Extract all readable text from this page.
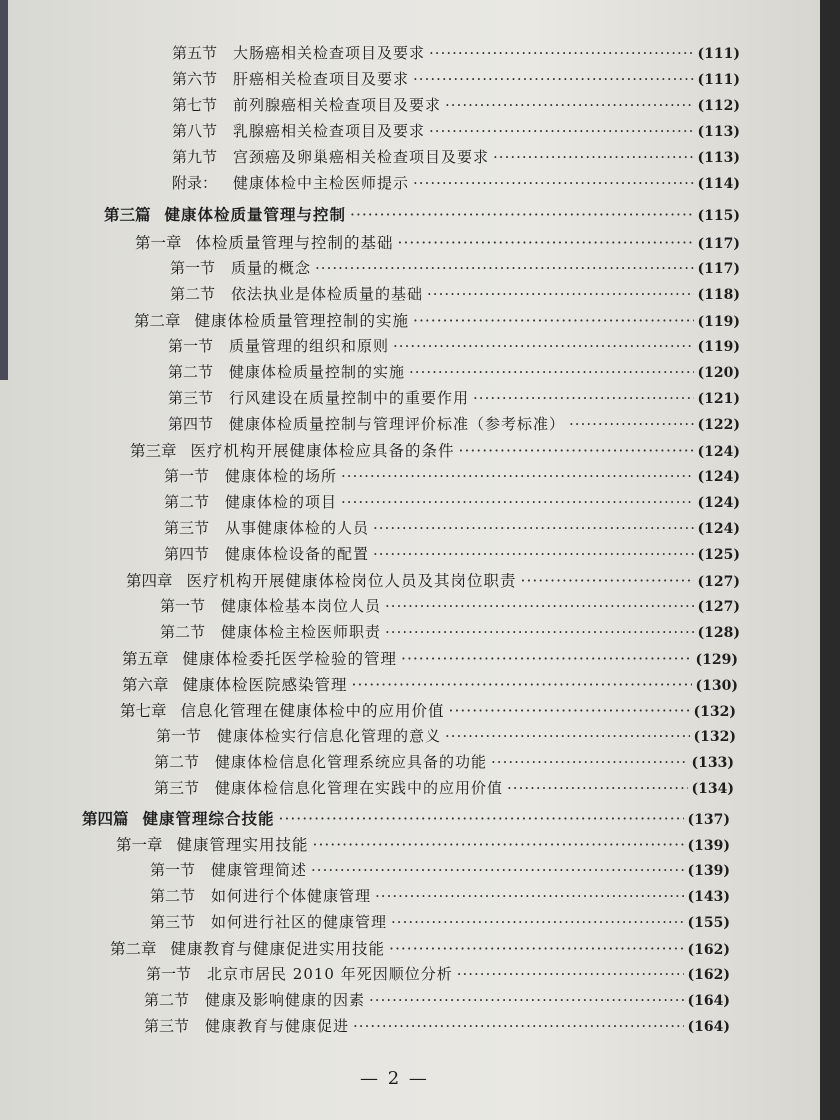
第五节 大肠癌相关检查项目及要求 ·····	(111)
第六节 肝癌相关检查项目及要求 ·····	(111)
第七节 前列腺癌相关检查项目及要求 ·····	(112)
第八节 乳腺癌相关检查项目及要求 ·····	(113)
第九节 宫颈癌及卵巢癌相关检查项目及要求 ·····	(113)
附录： 健康体检中主检医师提示 ·····	(114)
第三篇 健康体检质量管理与控制 ·····	(115)
第一章 体检质量管理与控制的基础 ·····	(117)
第一节 质量的概念 ·····	(117)
第二节 依法执业是体检质量的基础 ·····	(118)
第二章 健康体检质量管理控制的实施 ·····	(119)
第一节 质量管理的组织和原则 ·····	(119)
第二节 健康体检质量控制的实施 ·····	(120)
第三节 行风建设在质量控制中的重要作用 ·····	(121)
第四节 健康体检质量控制与管理评价标准（参考标准） ·····	(122)
第三章 医疗机构开展健康体检应具备的条件 ·····	(124)
第一节 健康体检的场所 ·····	(124)
第二节 健康体检的项目 ·····	(124)
第三节 从事健康体检的人员 ·····	(124)
第四节 健康体检设备的配置 ·····	(125)
第四章 医疗机构开展健康体检岗位人员及其岗位职责 ·····	(127)
第一节 健康体检基本岗位人员 ·····	(127)
第二节 健康体检主检医师职责 ·····	(128)
第五章 健康体检委托医学检验的管理 ·····	(129)
第六章 健康体检医院感染管理 ·····	(130)
第七章 信息化管理在健康体检中的应用价值 ·····	(132)
第一节 健康体检实行信息化管理的意义 ·····	(132)
第二节 健康体检信息化管理系统应具备的功能 ·····	(133)
第三节 健康体检信息化管理在实践中的应用价值 ·····	(134)
第四篇 健康管理综合技能 ·····	(137)
第一章 健康管理实用技能 ·····	(139)
第一节 健康管理简述 ·····	(139)
第二节 如何进行个体健康管理 ·····	(143)
第三节 如何进行社区的健康管理 ·····	(155)
第二章 健康教育与健康促进实用技能 ·····	(162)
第一节 北京市居民 2010 年死因顺位分析 ·····	(162)
第二节 健康及影响健康的因素 ·····	(164)
第三节 健康教育与健康促进 ·····	(164)
— 2 —
